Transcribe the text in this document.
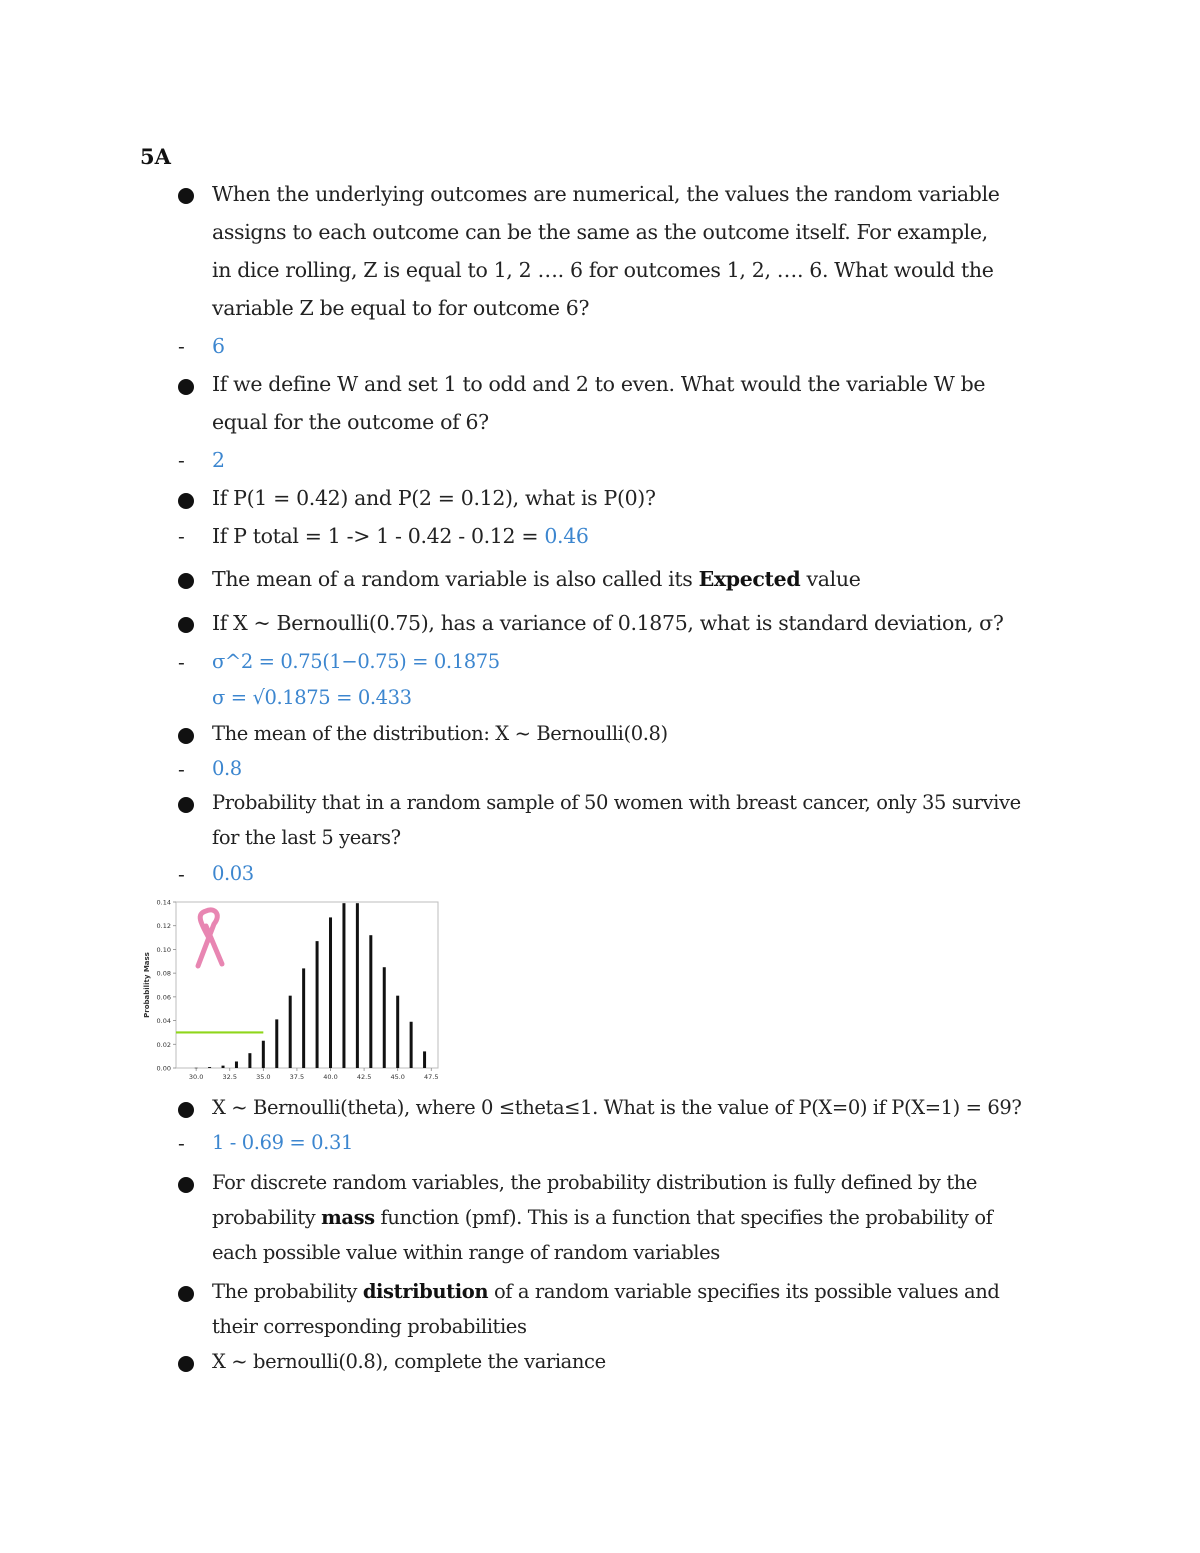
5A
When the underlying outcomes are numerical, the values the random variable
assigns to each outcome can be the same as the outcome itself. For example,
in dice rolling, Z is equal to 1, 2 …. 6 for outcomes 1, 2, …. 6. What would the
variable Z be equal to for outcome 6?
- 6
If we define W and set 1 to odd and 2 to even. What would the variable W be
equal for the outcome of 6?
- 2
If P(1 = 0.42) and P(2 = 0.12), what is P(0)?
- If P total = 1 -> 1 - 0.42 - 0.12 = 0.46
The mean of a random variable is also called its Expected value
If X ~ Bernoulli(0.75), has a variance of 0.1875, what is standard deviation, σ?
- σ^2 = 0.75(1−0.75) = 0.1875
σ = √0.1875 = 0.433
The mean of the distribution: X ~ Bernoulli(0.8)
- 0.8
Probability that in a random sample of 50 women with breast cancer, only 35 survive
for the last 5 years?
- 0.03
0.00
0.02
0.04
0.06
0.08
0.10
0.12
0.14
30.0	32.5	35.0	37.5	40.0	42.5	45.0	47.5
Probability Mass
X ~ Bernoulli(theta), where 0 ≤theta≤1. What is the value of P(X=0) if P(X=1) = 69?
- 1 - 0.69 = 0.31
For discrete random variables, the probability distribution is fully defined by the
probability mass function (pmf). This is a function that specifies the probability of
each possible value within range of random variables
The probability distribution of a random variable specifies its possible values and
their corresponding probabilities
X ~ bernoulli(0.8), complete the variance
